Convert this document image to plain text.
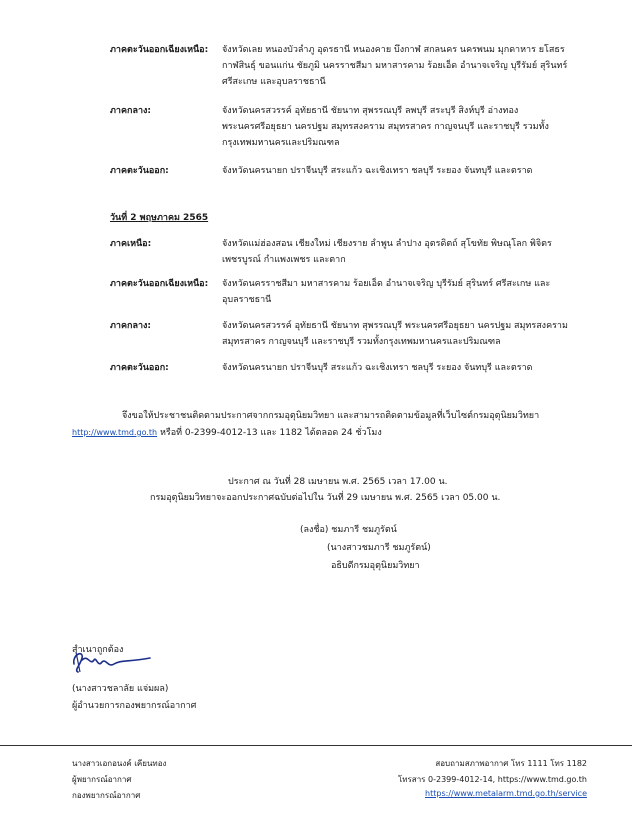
ภาคตะวันออกเฉียงเหนือ: จังหวัดเลย หนองบัวลำภู อุดรธานี หนองคาย บึงกาฬ สกลนคร นครพนม มุกดาหาร ยโสธร กาฬสินธุ์ ขอนแก่น ชัยภูมิ นครราชสีมา มหาสารคาม ร้อยเอ็ด อำนาจเจริญ บุรีรัมย์ สุรินทร์ ศรีสะเกษ และอุบลราชธานี
ภาคกลาง:	จังหวัดนครสวรรค์ อุทัยธานี ชัยนาท สุพรรณบุรี ลพบุรี สระบุรี สิงห์บุรี อ่างทอง พระนครศรีอยุธยา นครปฐม สมุทรสงคราม สมุทรสาคร กาญจนบุรี และราชบุรี รวมทั้งกรุงเทพมหานครและปริมณฑล
ภาคตะวันออก:	จังหวัดนครนายก ปราจีนบุรี สระแก้ว ฉะเชิงเทรา ชลบุรี ระยอง จันทบุรี และตราด
วันที่ 2 พฤษภาคม 2565
ภาคเหนือ:	จังหวัดแม่ฮ่องสอน เชียงใหม่ เชียงราย ลำพูน ลำปาง อุตรดิตถ์ สุโขทัย พิษณุโลก พิจิตร เพชรบูรณ์ กำแพงเพชร และตาก
ภาคตะวันออกเฉียงเหนือ: จังหวัดนครราชสีมา มหาสารคาม ร้อยเอ็ด อำนาจเจริญ บุรีรัมย์ สุรินทร์ ศรีสะเกษ และอุบลราชธานี
ภาคกลาง:	จังหวัดนครสวรรค์ อุทัยธานี ชัยนาท สุพรรณบุรี พระนครศรีอยุธยา นครปฐม สมุทรสงคราม สมุทรสาคร กาญจนบุรี และราชบุรี รวมทั้งกรุงเทพมหานครและปริมณฑล
ภาคตะวันออก:	จังหวัดนครนายก ปราจีนบุรี สระแก้ว ฉะเชิงเทรา ชลบุรี ระยอง จันทบุรี และตราด
จึงขอให้ประชาชนติดตามประกาศจากกรมอุตุนิยมวิทยา และสามารถติดตามข้อมูลที่เว็บไซต์กรมอุตุนิยมวิทยา
http://www.tmd.go.th หรือที่ 0-2399-4012-13 และ 1182 ได้ตลอด 24 ชั่วโมง
ประกาศ ณ วันที่ 28 เมษายน พ.ศ. 2565 เวลา 17.00 น.
กรมอุตุนิยมวิทยาจะออกประกาศฉบับต่อไปใน วันที่ 29 เมษายน พ.ศ. 2565 เวลา 05.00 น.
(ลงชื่อ) ชมภารี ชมภูรัตน์
(นางสาวชมภารี ชมภูรัตน์)
อธิบดีกรมอุตุนิยมวิทยา
สำเนาถูกต้อง
(นางสาวชลาลัย แจ่มผล)
ผู้อำนวยการกองพยากรณ์อากาศ
นางสาวเอกอนงค์ เคียนทอง
ผู้พยากรณ์อากาศ
กองพยากรณ์อากาศ
สอบถามสภาพอากาศ โทร 1111 โทร 1182
โทรสาร 0-2399-4012-14, https://www.tmd.go.th
https://www.metalarm.tmd.go.th/service
